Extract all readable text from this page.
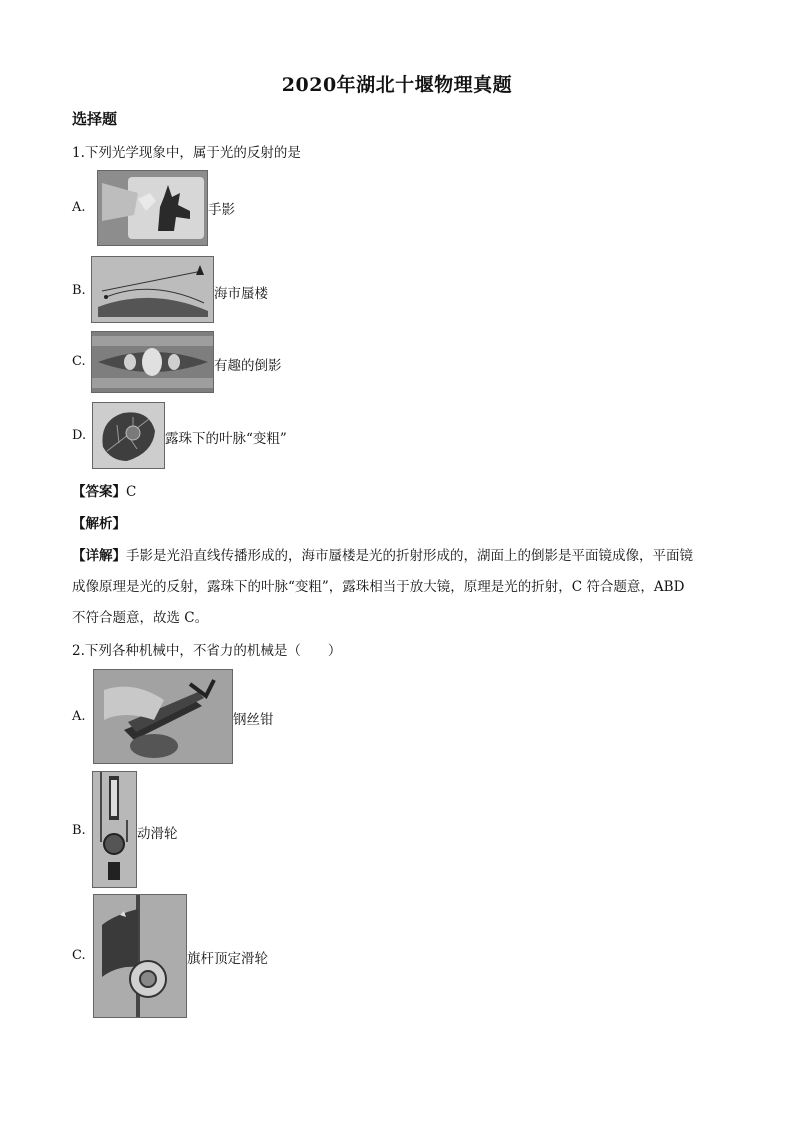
2020年湖北十堰物理真题
选择题
1.下列光学现象中，属于光的反射的是
A.	手影
B.	海市蜃楼
C.	有趣的倒影
D.	露珠下的叶脉“变粗”
【答案】C
【解析】
【详解】手影是光沿直线传播形成的，海市蜃楼是光的折射形成的，湖面上的倒影是平面镜成像，平面镜
成像原理是光的反射，露珠下的叶脉“变粗”，露珠相当于放大镜，原理是光的折射，C 符合题意，ABD
不符合题意，故选 C。
2.下列各种机械中，不省力的机械是（　　）
A.	钢丝钳
B.	动滑轮
C.	旗杆顶定滑轮
